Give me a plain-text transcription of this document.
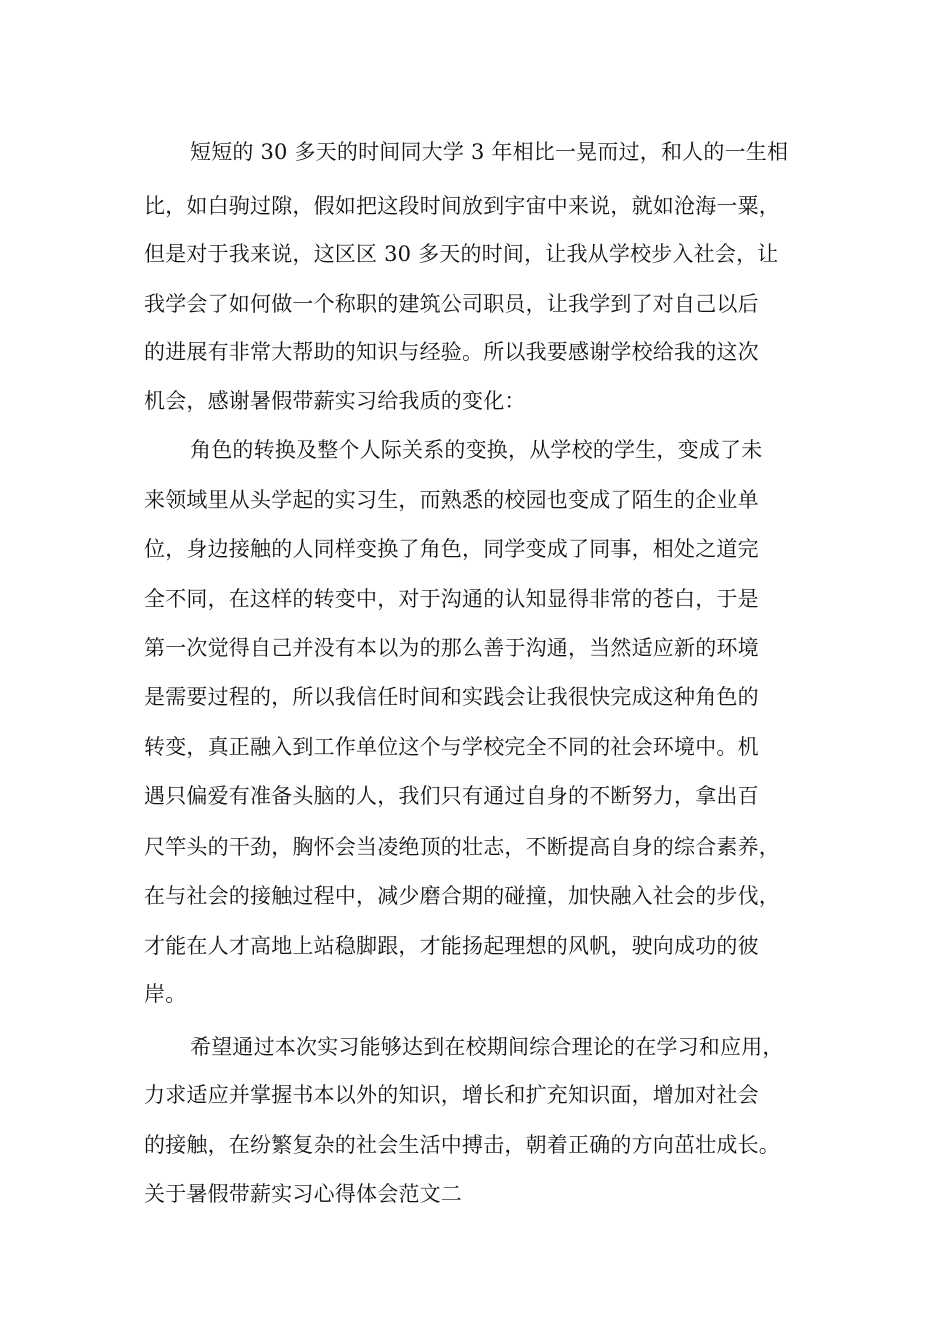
短短的 30 多天的时间同大学 3 年相比一晃而过，和人的一生相
比，如白驹过隙，假如把这段时间放到宇宙中来说，就如沧海一粟，
但是对于我来说，这区区 30 多天的时间，让我从学校步入社会，让
我学会了如何做一个称职的建筑公司职员，让我学到了对自己以后
的进展有非常大帮助的知识与经验。所以我要感谢学校给我的这次
机会，感谢暑假带薪实习给我质的变化：
角色的转换及整个人际关系的变换，从学校的学生，变成了未
来领域里从头学起的实习生，而熟悉的校园也变成了陌生的企业单
位，身边接触的人同样变换了角色，同学变成了同事，相处之道完
全不同，在这样的转变中，对于沟通的认知显得非常的苍白，于是
第一次觉得自己并没有本以为的那么善于沟通，当然适应新的环境
是需要过程的，所以我信任时间和实践会让我很快完成这种角色的
转变，真正融入到工作单位这个与学校完全不同的社会环境中。机
遇只偏爱有准备头脑的人，我们只有通过自身的不断努力，拿出百
尺竿头的干劲，胸怀会当凌绝顶的壮志，不断提高自身的综合素养，
在与社会的接触过程中，减少磨合期的碰撞，加快融入社会的步伐，
才能在人才高地上站稳脚跟，才能扬起理想的风帆，驶向成功的彼
岸。
希望通过本次实习能够达到在校期间综合理论的在学习和应用，
力求适应并掌握书本以外的知识，增长和扩充知识面，增加对社会
的接触，在纷繁复杂的社会生活中搏击，朝着正确的方向茁壮成长。
关于暑假带薪实习心得体会范文二
